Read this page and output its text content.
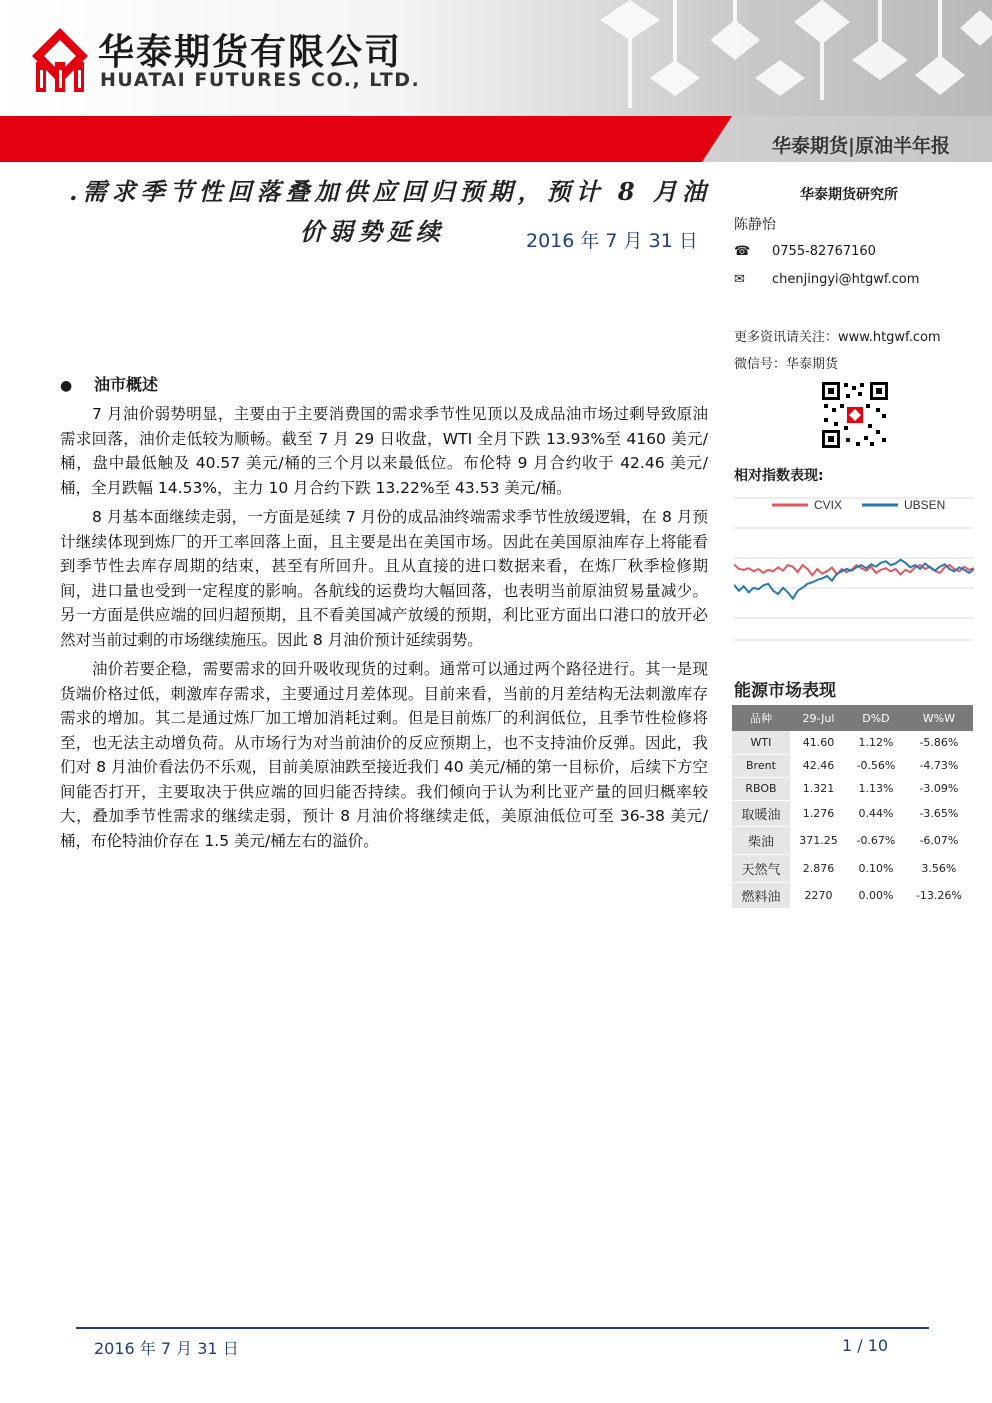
华泰期货有限公司
HUATAI FUTURES CO., LTD.
华泰期货|原油半年报
.需求季节性回落叠加供应回归预期，预计 8 月油
价弱势延续	2016 年 7 月 31 日
华泰期货研究所
陈静怡
☎ 0755-82767160
✉ chenjingyi@htgwf.com
更多资讯请关注：www.htgwf.com
微信号：华泰期货
相对指数表现:
CVIX	UBSEN
能源市场表现
品种	29-Jul	D%D	W%W
WTI	41.60	1.12%	-5.86%
Brent	42.46	-0.56%	-4.73%
RBOB	1.321	1.13%	-3.09%
取暖油	1.276	0.44%	-3.65%
柴油	371.25	-0.67%	-6.07%
天然气	2.876	0.10%	3.56%
燃料油	2270	0.00%	-13.26%
● 油市概述

7 月油价弱势明显，主要由于主要消费国的需求季节性见顶以及成品油市场过剩导致原油需求回落，油价走低较为顺畅。截至 7 月 29 日收盘，WTI 全月下跌 13.93%至 4160 美元/桶，盘中最低触及 40.57 美元/桶的三个月以来最低位。布伦特 9 月合约收于 42.46 美元/桶，全月跌幅 14.53%，主力 10 月合约下跌 13.22%至 43.53 美元/桶。

8 月基本面继续走弱，一方面是延续 7 月份的成品油终端需求季节性放缓逻辑，在 8 月预计继续体现到炼厂的开工率回落上面，且主要是出在美国市场。因此在美国原油库存上将能看到季节性去库存周期的结束，甚至有所回升。且从直接的进口数据来看，在炼厂秋季检修期间，进口量也受到一定程度的影响。各航线的运费均大幅回落，也表明当前原油贸易量减少。另一方面是供应端的回归超预期，且不看美国减产放缓的预期，利比亚方面出口港口的放开必然对当前过剩的市场继续施压。因此 8 月油价预计延续弱势。

油价若要企稳，需要需求的回升吸收现货的过剩。通常可以通过两个路径进行。其一是现货端价格过低，刺激库存需求，主要通过月差体现。目前来看，当前的月差结构无法刺激库存需求的增加。其二是通过炼厂加工增加消耗过剩。但是目前炼厂的利润低位，且季节性检修将至，也无法主动增负荷。从市场行为对当前油价的反应预期上，也不支持油价反弹。因此，我们对 8 月油价看法仍不乐观，目前美原油跌至接近我们 40 美元/桶的第一目标价，后续下方空间能否打开，主要取决于供应端的回归能否持续。我们倾向于认为利比亚产量的回归概率较大，叠加季节性需求的继续走弱，预计 8 月油价将继续走低，美原油低位可至 36-38 美元/桶，布伦特油价存在 1.5 美元/桶左右的溢价。

2016 年 7 月 31 日	1 / 10
